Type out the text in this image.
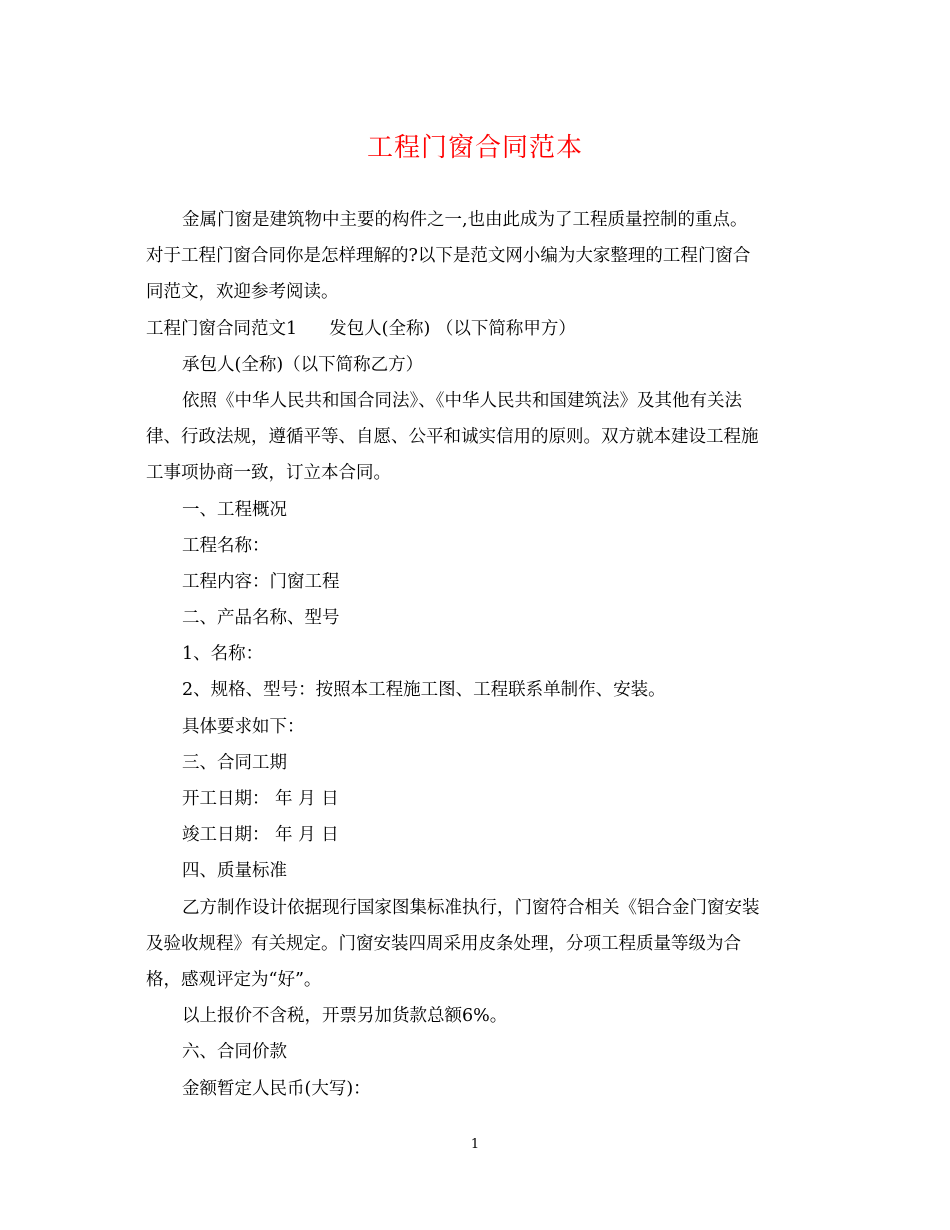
工程门窗合同范本
金属门窗是建筑物中主要的构件之一,也由此成为了工程质量控制的重点。
对于工程门窗合同你是怎样理解的?以下是范文网小编为大家整理的工程门窗合
同范文，欢迎参考阅读。
工程门窗合同范文1 发包人(全称) （以下简称甲方）
承包人(全称)（以下简称乙方）
依照《中华人民共和国合同法》、《中华人民共和国建筑法》及其他有关法
律、行政法规，遵循平等、自愿、公平和诚实信用的原则。双方就本建设工程施
工事项协商一致，订立本合同。
一、工程概况
工程名称：
工程内容：门窗工程
二、产品名称、型号
1、名称：
2、规格、型号：按照本工程施工图、工程联系单制作、安装。
具体要求如下：
三、合同工期
开工日期： 年 月 日
竣工日期： 年 月 日
四、质量标准
乙方制作设计依据现行国家图集标准执行，门窗符合相关《铝合金门窗安装
及验收规程》有关规定。门窗安装四周采用皮条处理，分项工程质量等级为合
格，感观评定为“好”。
以上报价不含税，开票另加货款总额6%。
六、合同价款
金额暂定人民币(大写)：
1
